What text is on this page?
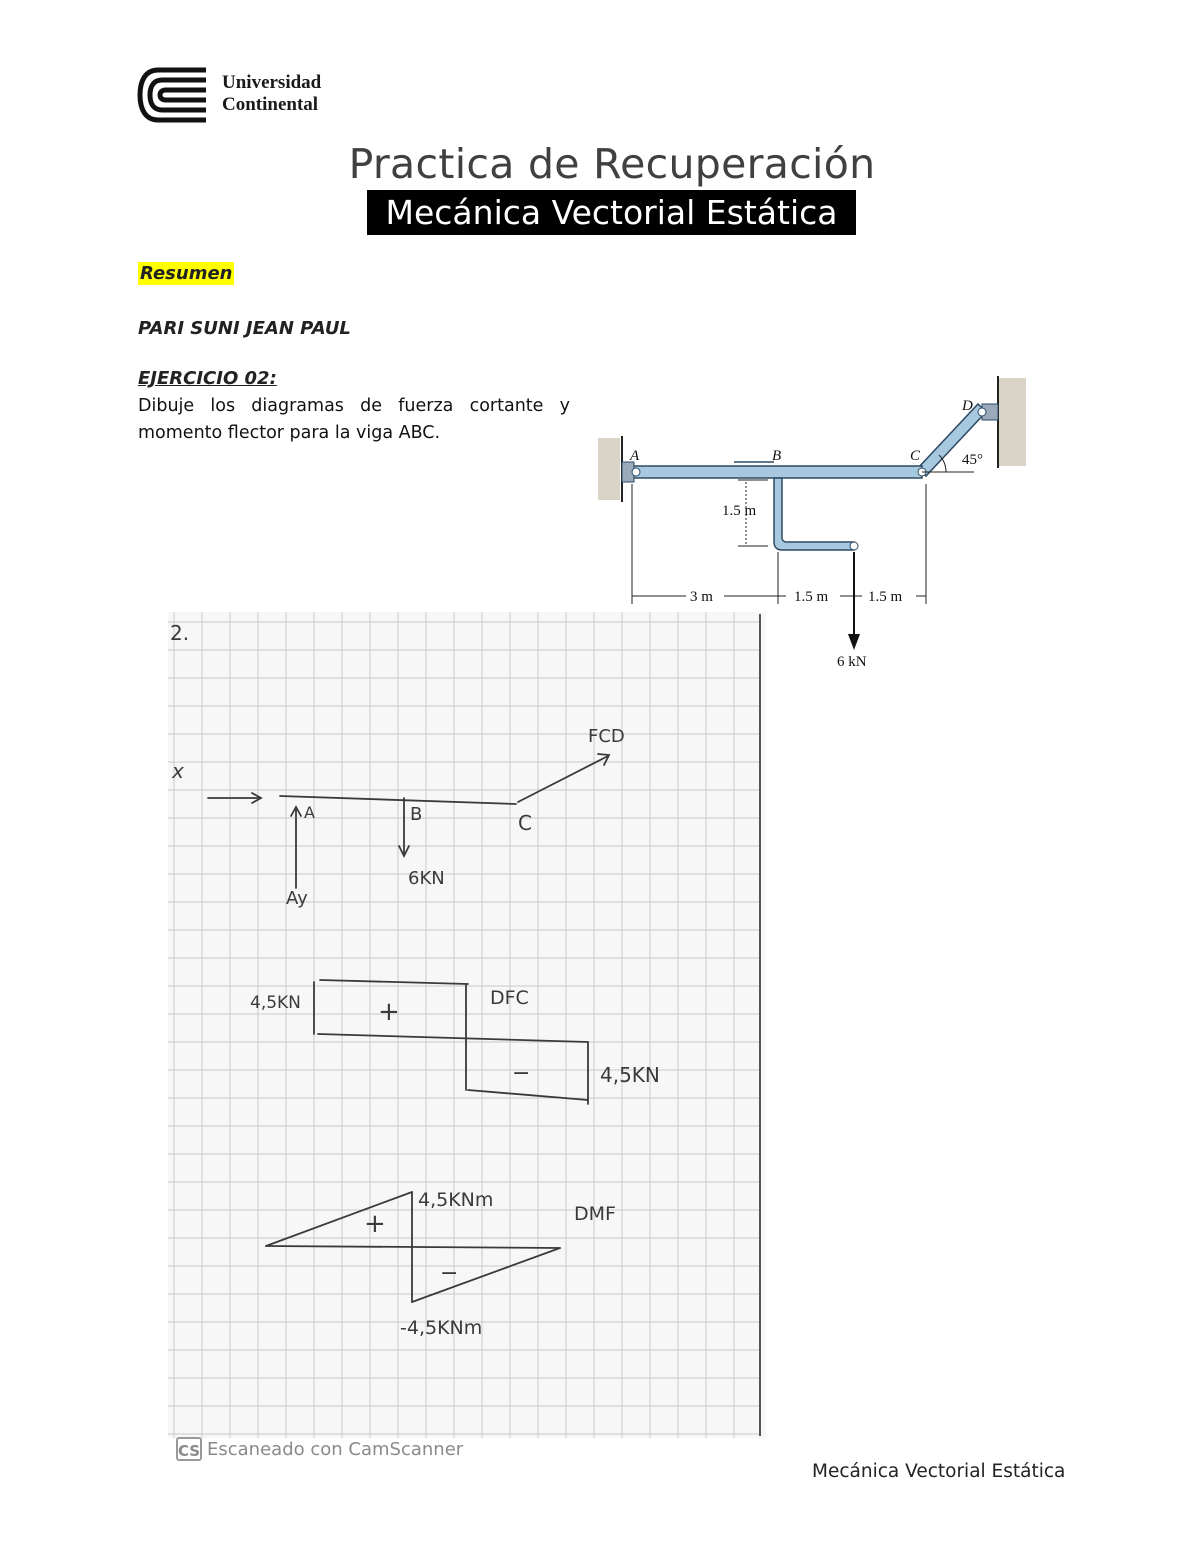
Universidad
Continental
Practica de Recuperación
Mecánica Vectorial Estática
Resumen
PARI SUNI JEAN PAUL
EJERCICIO 02:
Dibuje los diagramas de fuerza cortante y
momento flector para la viga ABC.
A	B	C
D
45°
1.5 m
3 m	1.5 m	1.5 m
6 kN
2.
FCD
x
A	B	C
Ay
6KN
4,5KN	+	DFC
−	4,5KN
4,5KNm
DMF
+
−
-4,5KNm
CS Escaneado con CamScanner
Mecánica Vectorial Estática
